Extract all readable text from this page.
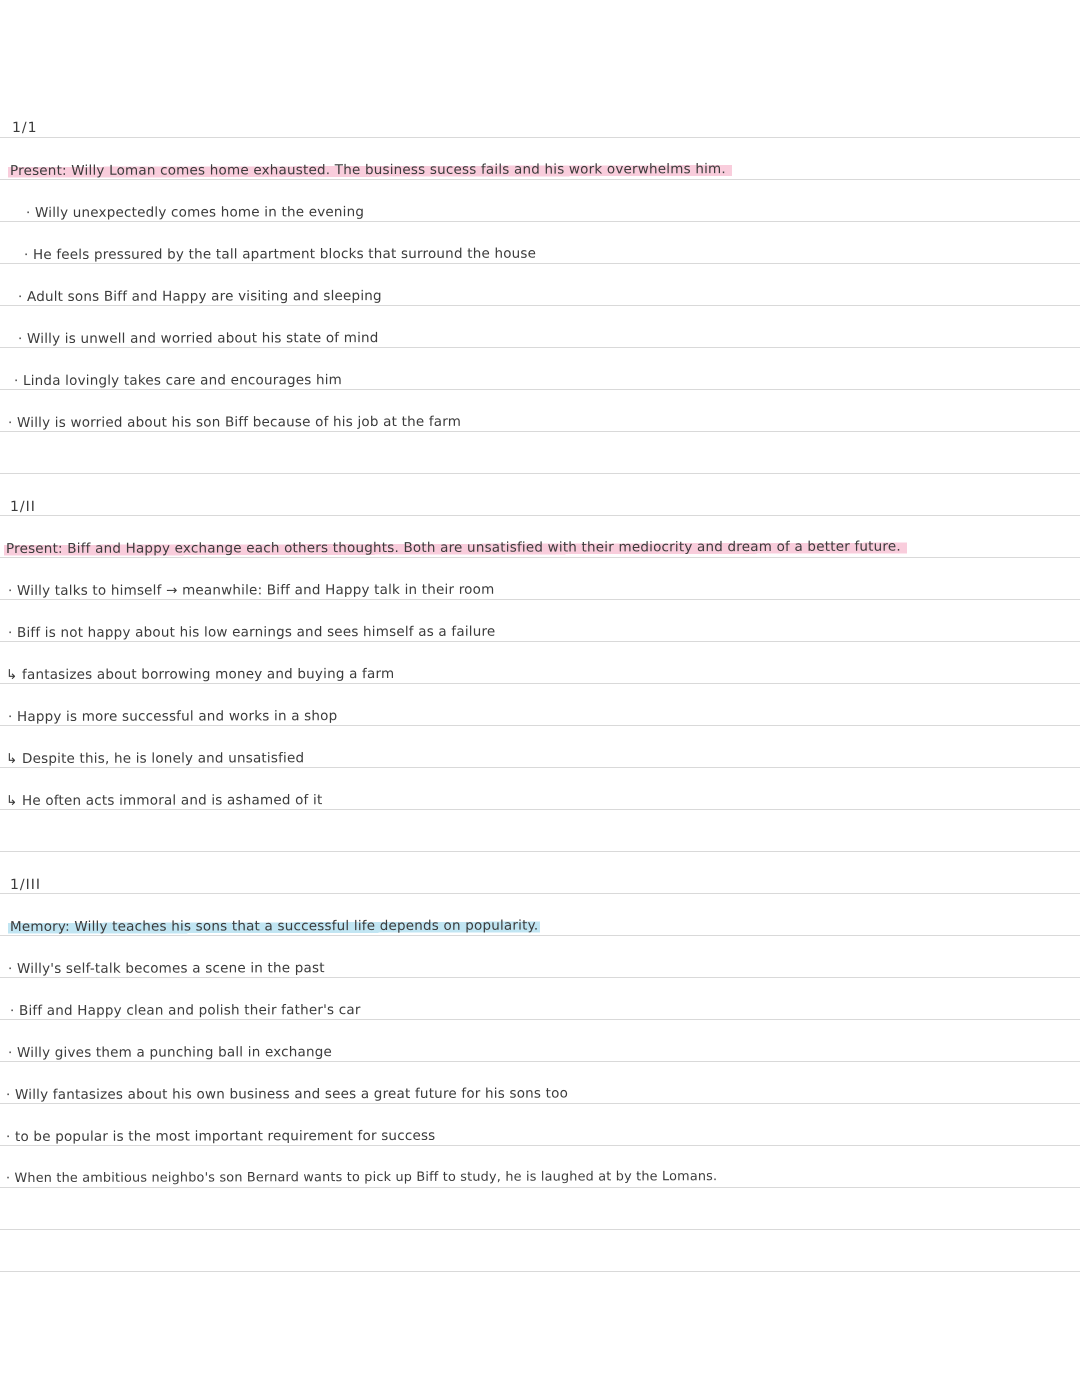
1/1
Present: Willy Loman comes home exhausted. The business sucess fails and his work overwhelms him.
· Willy unexpectedly comes home in the evening
· He feels pressured by the tall apartment blocks that surround the house
· Adult sons Biff and Happy are visiting and sleeping
· Willy is unwell and worried about his state of mind
· Linda lovingly takes care and encourages him
· Willy is worried about his son Biff because of his job at the farm
1/II
Present: Biff and Happy exchange each others thoughts. Both are unsatisfied with their mediocrity and dream of a better future.
· Willy talks to himself → meanwhile: Biff and Happy talk in their room
· Biff is not happy about his low earnings and sees himself as a failure
↳ fantasizes about borrowing money and buying a farm
· Happy is more successful and works in a shop
↳ Despite this, he is lonely and unsatisfied
↳ He often acts immoral and is ashamed of it
1/III
Memory: Willy teaches his sons that a successful life depends on popularity.
· Willy's self-talk becomes a scene in the past
· Biff and Happy clean and polish their father's car
· Willy gives them a punching ball in exchange
· Willy fantasizes about his own business and sees a great future for his sons too
· to be popular is the most important requirement for success
· When the ambitious neighbo's son Bernard wants to pick up Biff to study, he is laughed at by the Lomans.
